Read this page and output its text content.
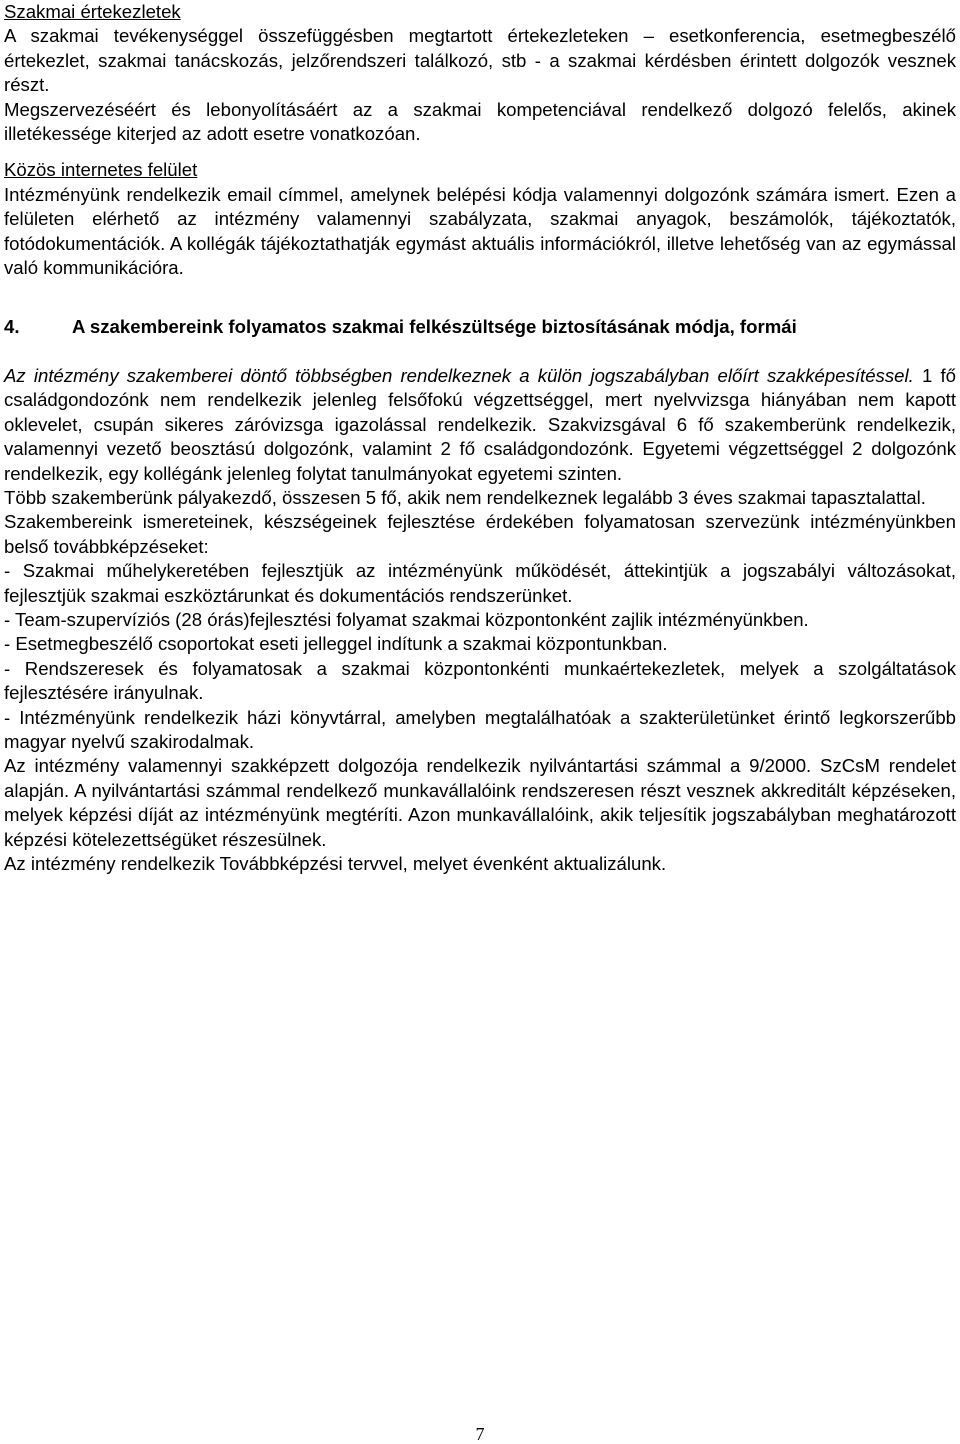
Szakmai értekezletek

A szakmai tevékenységgel összefüggésben megtartott értekezleteken – esetkonferencia, esetmegbeszélő értekezlet, szakmai tanácskozás, jelzőrendszeri találkozó, stb - a szakmai kérdésben érintett dolgozók vesznek részt.

Megszervezéséért és lebonyolításáért az a szakmai kompetenciával rendelkező dolgozó felelős, akinek illetékessége kiterjed az adott esetre vonatkozóan.

Közös internetes felület

Intézményünk rendelkezik email címmel, amelynek belépési kódja valamennyi dolgozónk számára ismert. Ezen a felületen elérhető az intézmény valamennyi szabályzata, szakmai anyagok, beszámolók, tájékoztatók, fotódokumentációk. A kollégák tájékoztathatják egymást aktuális információkról, illetve lehetőség van az egymással való kommunikációra.

4.	A szakembereink folyamatos szakmai felkészültsége biztosításának módja, formái

Az intézmény szakemberei döntő többségben rendelkeznek a külön jogszabályban előírt szakképesítéssel. 1 fő családgondozónk nem rendelkezik jelenleg felsőfokú végzettséggel, mert nyelvvizsga hiányában nem kapott oklevelet, csupán sikeres záróvizsga igazolással rendelkezik. Szakvizsgával 6 fő szakemberünk rendelkezik, valamennyi vezető beosztású dolgozónk, valamint 2 fő családgondozónk. Egyetemi végzettséggel 2 dolgozónk rendelkezik, egy kollégánk jelenleg folytat tanulmányokat egyetemi szinten.

Több szakemberünk pályakezdő, összesen 5 fő, akik nem rendelkeznek legalább 3 éves szakmai tapasztalattal.

Szakembereink ismereteinek, készségeinek fejlesztése érdekében folyamatosan szervezünk intézményünkben belső továbbképzéseket:

- Szakmai műhelykeretében fejlesztjük az intézményünk működését, áttekintjük a jogszabályi változásokat, fejlesztjük szakmai eszköztárunkat és dokumentációs rendszerünket.

- Team-szupervíziós (28 órás)fejlesztési folyamat szakmai központonként zajlik intézményünkben.

- Esetmegbeszélő csoportokat eseti jelleggel indítunk a szakmai központunkban.

- Rendszeresek és folyamatosak a szakmai központonkénti munkaértekezletek, melyek a szolgáltatások fejlesztésére irányulnak.

- Intézményünk rendelkezik házi könyvtárral, amelyben megtalálhatóak a szakterületünket érintő legkorszerűbb magyar nyelvű szakirodalmak.

Az intézmény valamennyi szakképzett dolgozója rendelkezik nyilvántartási számmal a 9/2000. SzCsM rendelet alapján. A nyilvántartási számmal rendelkező munkavállalóink rendszeresen részt vesznek akkreditált képzéseken, melyek képzési díját az intézményünk megtéríti. Azon munkavállalóink, akik teljesítik jogszabályban meghatározott képzési kötelezettségüket részesülnek.

Az intézmény rendelkezik Továbbképzési tervvel, melyet évenként aktualizálunk.

7
